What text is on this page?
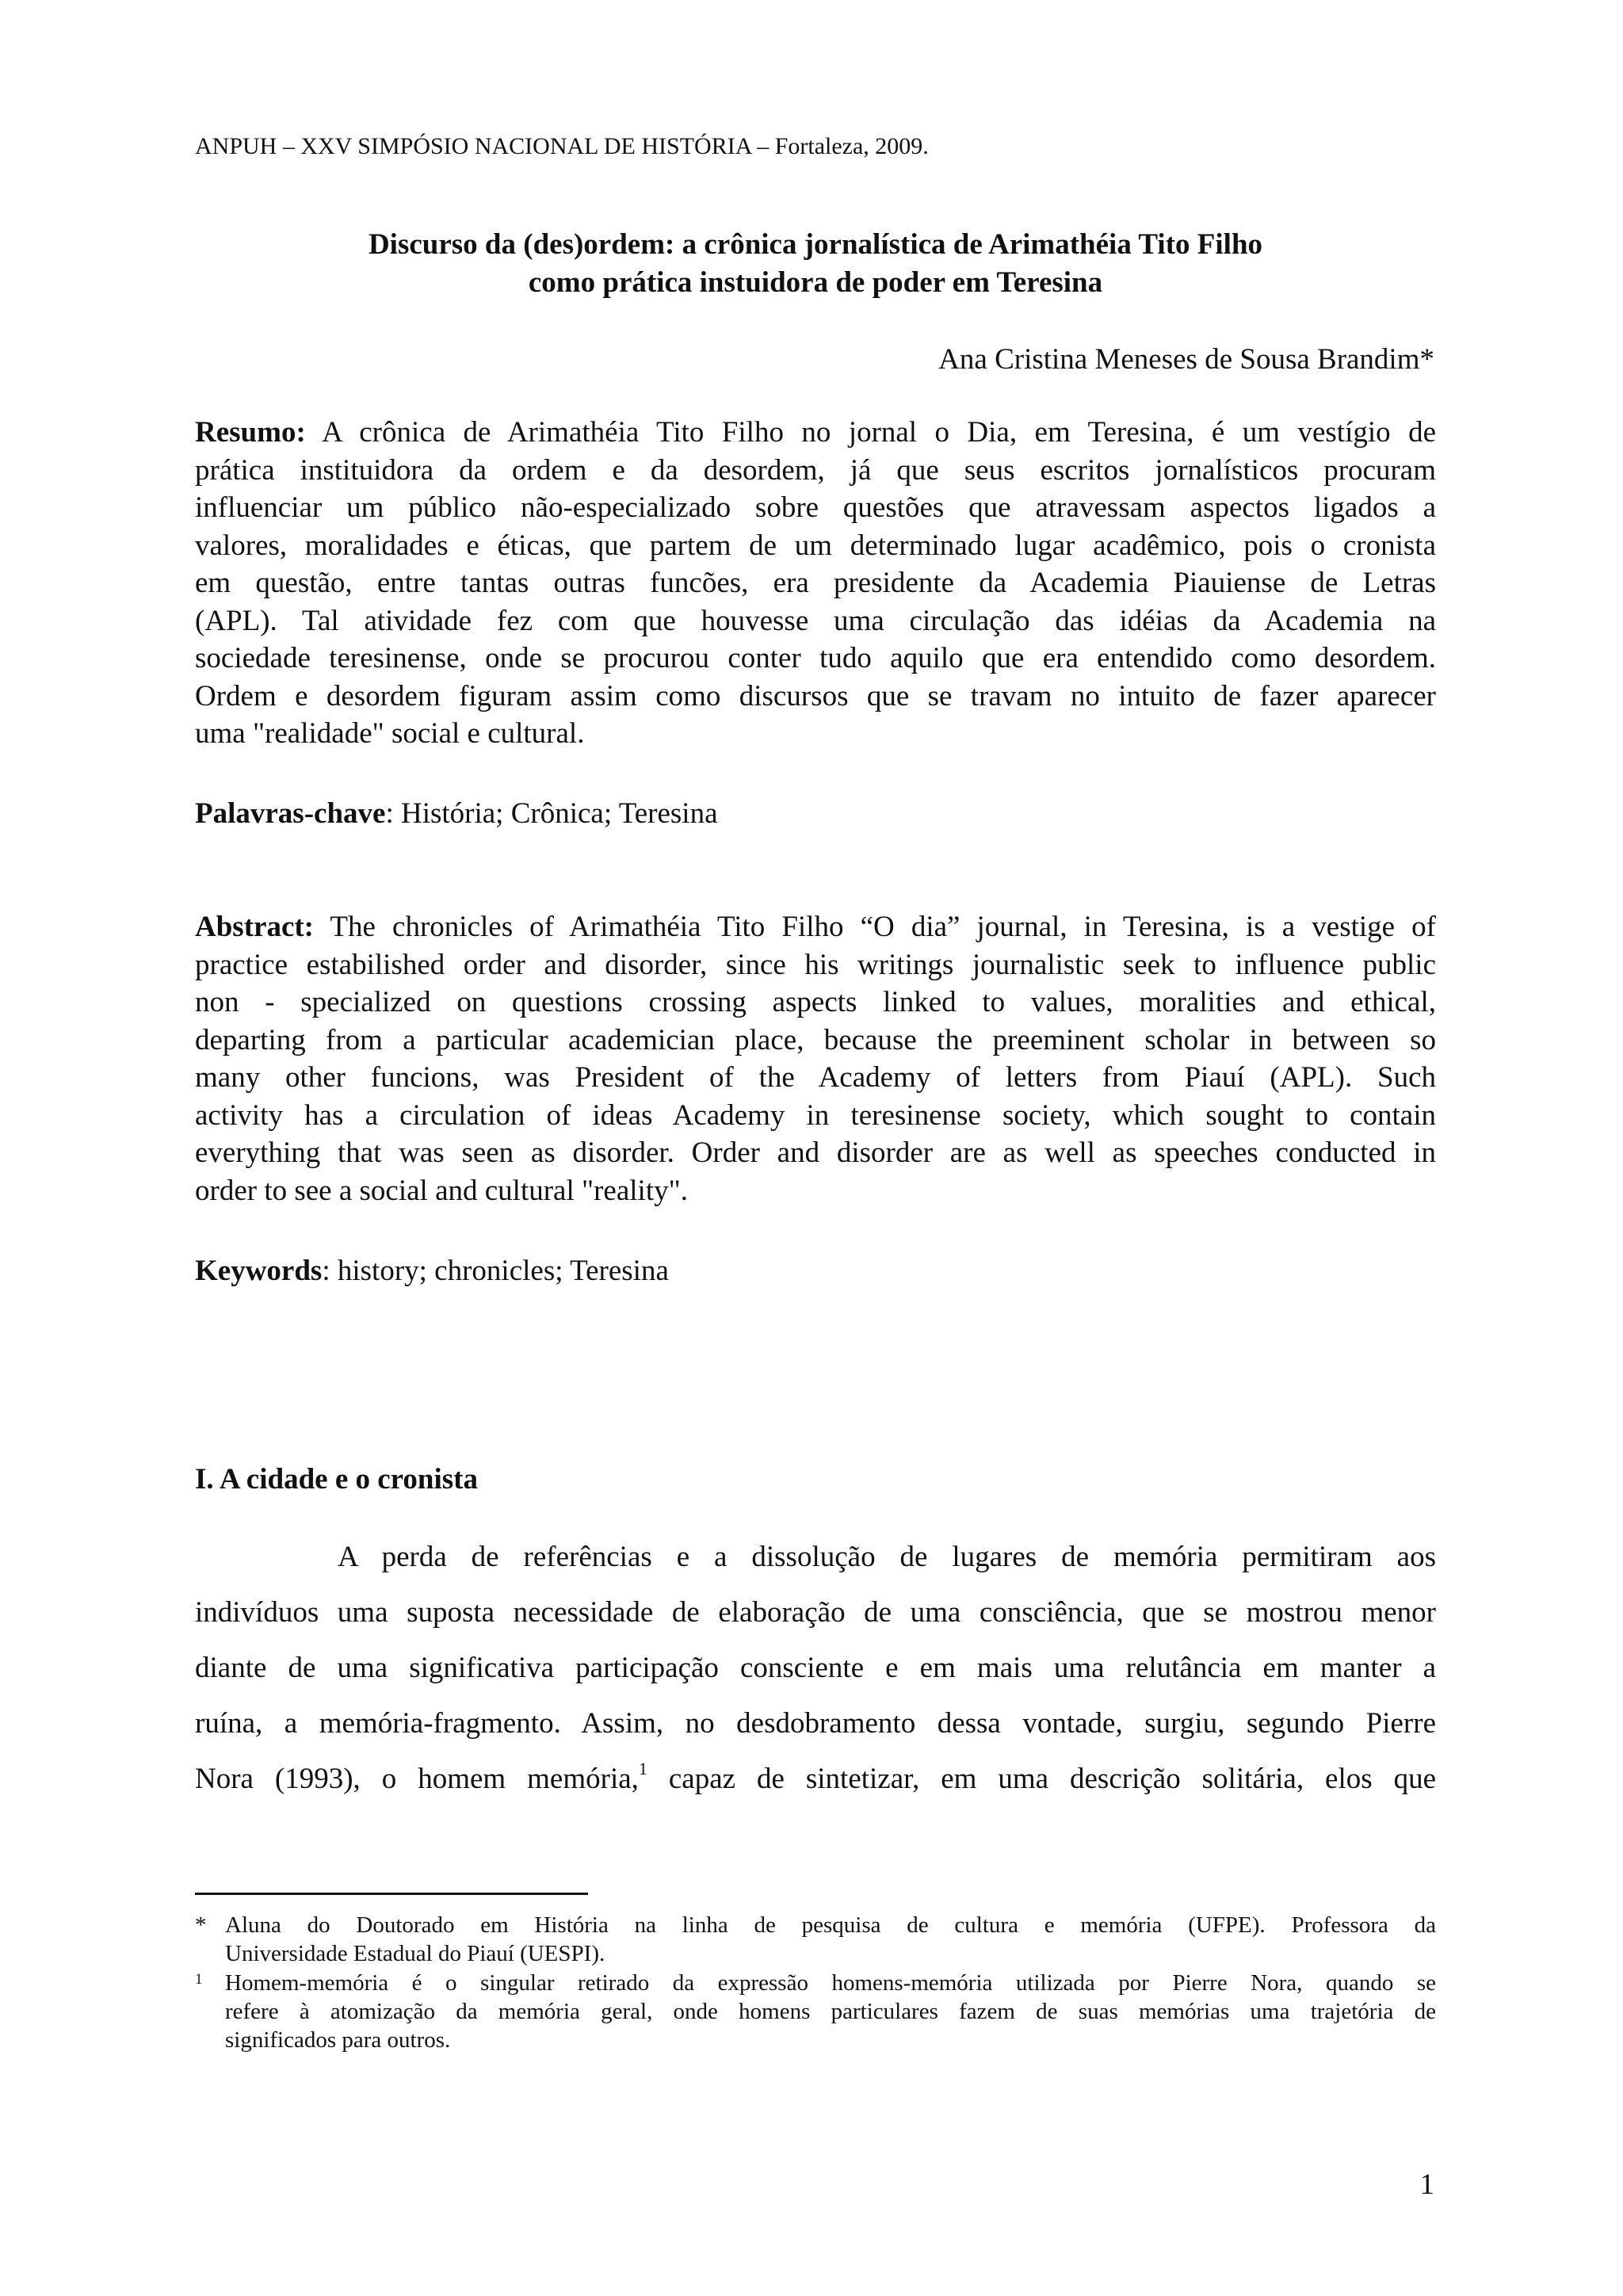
ANPUH – XXV SIMPÓSIO NACIONAL DE HISTÓRIA – Fortaleza, 2009.
Discurso da (des)ordem: a crônica jornalística de Arimathéia Tito Filho
como prática instuidora de poder em Teresina
Ana Cristina Meneses de Sousa Brandim*
Resumo: A crônica de Arimathéia Tito Filho no jornal o Dia, em Teresina, é um vestígio de
prática instituidora da ordem e da desordem, já que seus escritos jornalísticos procuram
influenciar um público não-especializado sobre questões que atravessam aspectos ligados a
valores, moralidades e éticas, que partem de um determinado lugar acadêmico, pois o cronista
em questão, entre tantas outras funcões, era presidente da Academia Piauiense de Letras
(APL). Tal atividade fez com que houvesse uma circulação das idéias da Academia na
sociedade teresinense, onde se procurou conter tudo aquilo que era entendido como desordem.
Ordem e desordem figuram assim como discursos que se travam no intuito de fazer aparecer
uma "realidade" social e cultural.
Palavras-chave: História; Crônica; Teresina
Abstract: The chronicles of Arimathéia Tito Filho “O dia” journal, in Teresina, is a vestige of
practice estabilished order and disorder, since his writings journalistic seek to influence public
non - specialized on questions crossing aspects linked to values, moralities and ethical,
departing from a particular academician place, because the preeminent scholar in between so
many other funcions, was President of the Academy of letters from Piauí (APL). Such
activity has a circulation of ideas Academy in teresinense society, which sought to contain
everything that was seen as disorder. Order and disorder are as well as speeches conducted in
order to see a social and cultural "reality".
Keywords: history; chronicles; Teresina
I. A cidade e o cronista
A perda de referências e a dissolução de lugares de memória permitiram aos
indivíduos uma suposta necessidade de elaboração de uma consciência, que se mostrou menor
diante de uma significativa participação consciente e em mais uma relutância em manter a
ruína, a memória-fragmento. Assim, no desdobramento dessa vontade, surgiu, segundo Pierre
Nora (1993), o homem memória,$^1$ capaz de sintetizar, em uma descrição solitária, elos que
* Aluna do Doutorado em História na linha de pesquisa de cultura e memória (UFPE). Professora da
Universidade Estadual do Piauí (UESPI).
1 Homem-memória é o singular retirado da expressão homens-memória utilizada por Pierre Nora, quando se
refere à atomização da memória geral, onde homens particulares fazem de suas memórias uma trajetória de
significados para outros.
1
